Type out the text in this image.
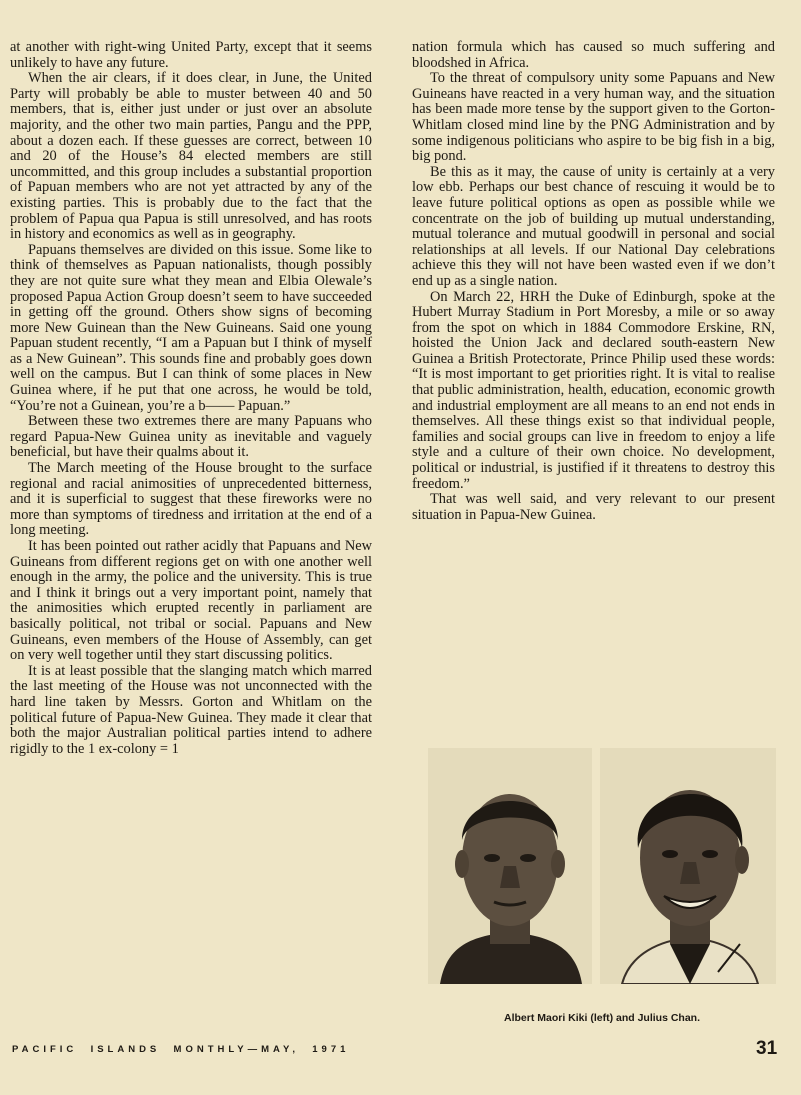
at another with right-wing United Party, except that it seems unlikely to have any future.

When the air clears, if it does clear, in June, the United Party will probably be able to muster between 40 and 50 members, that is, either just under or just over an absolute majority, and the other two main parties, Pangu and the PPP, about a dozen each. If these guesses are correct, between 10 and 20 of the House’s 84 elected members are still uncommitted, and this group includes a substantial proportion of Papuan members who are not yet attracted by any of the existing parties. This is probably due to the fact that the problem of Papua qua Papua is still unresolved, and has roots in history and economics as well as in geography.

Papuans themselves are divided on this issue. Some like to think of themselves as Papuan nationalists, though possibly they are not quite sure what they mean and Elbia Olewale’s proposed Papua Action Group doesn’t seem to have succeeded in getting off the ground. Others show signs of becoming more New Guinean than the New Guineans. Said one young Papuan student recently, “I am a Papuan but I think of myself as a New Guinean”. This sounds fine and probably goes down well on the campus. But I can think of some places in New Guinea where, if he put that one across, he would be told, “You’re not a Guinean, you’re a b—— Papuan.”

Between these two extremes there are many Papuans who regard Papua-New Guinea unity as inevitable and vaguely beneficial, but have their qualms about it.

The March meeting of the House brought to the surface regional and racial animosities of unprecedented bitterness, and it is superficial to suggest that these fireworks were no more than symptoms of tiredness and irritation at the end of a long meeting.

It has been pointed out rather acidly that Papuans and New Guineans from different regions get on with one another well enough in the army, the police and the university. This is true and I think it brings out a very important point, namely that the animosities which erupted recently in parliament are basically political, not tribal or social. Papuans and New Guineans, even members of the House of Assembly, can get on very well together until they start discussing politics.

It is at least possible that the slanging match which marred the last meeting of the House was not unconnected with the hard line taken by Messrs. Gorton and Whitlam on the political future of Papua-New Guinea. They made it clear that both the major Australian political parties intend to adhere rigidly to the 1 ex-colony = 1

nation formula which has caused so much suffering and bloodshed in Africa.

To the threat of compulsory unity some Papuans and New Guineans have reacted in a very human way, and the situation has been made more tense by the support given to the Gorton-Whitlam closed mind line by the PNG Administration and by some indigenous politicians who aspire to be big fish in a big, big pond.

Be this as it may, the cause of unity is certainly at a very low ebb. Perhaps our best chance of rescuing it would be to leave future political options as open as possible while we concentrate on the job of building up mutual understanding, mutual tolerance and mutual goodwill in personal and social relationships at all levels. If our National Day celebrations achieve this they will not have been wasted even if we don’t end up as a single nation.

On March 22, HRH the Duke of Edinburgh, spoke at the Hubert Murray Stadium in Port Moresby, a mile or so away from the spot on which in 1884 Commodore Erskine, RN, hoisted the Union Jack and declared south-eastern New Guinea a British Protectorate, Prince Philip used these words: “It is most important to get priorities right. It is vital to realise that public administration, health, education, economic growth and industrial employment are all means to an end not ends in themselves. All these things exist so that individual people, families and social groups can live in freedom to enjoy a life style and a culture of their own choice. No development, political or industrial, is justified if it threatens to destroy this freedom.”

That was well said, and very relevant to our present situation in Papua-New Guinea.

Albert Maori Kiki (left) and Julius Chan.
PACIFIC  ISLANDS  MONTHLY—MAY,  1971	31
